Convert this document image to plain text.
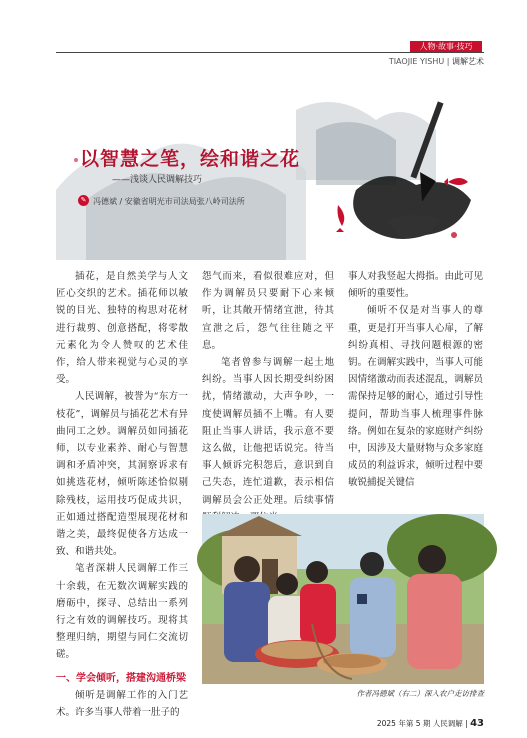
人物·故事·技巧
TIAOJIE YISHU | 调解艺术
以智慧之笔，绘和谐之花
——浅谈人民调解技巧
✎ 冯德斌 / 安徽省明光市司法局张八岭司法所

插花，是自然美学与人文匠心交织的艺术。插花师以敏锐的目光、独特的构思对花材进行裁剪、创意搭配，将零散元素化为令人赞叹的艺术佳作，给人带来视觉与心灵的享受。

人民调解，被誉为“东方一枝花”，调解员与插花艺术有异曲同工之妙。调解员如同插花师，以专业素养、耐心与智慧调和矛盾冲突，其洞察诉求有如挑选花材，倾听陈述恰似剔除残枝，运用技巧促成共识，正如通过搭配造型展现花材和谐之美，最终促使各方达成一致、和谐共处。

笔者深耕人民调解工作三十余载，在无数次调解实践的磨砺中，探寻、总结出一系列行之有效的调解技巧。现将其整理归纳，期望与同仁交流切磋。

一、学会倾听，搭建沟通桥梁

倾听是调解工作的入门艺术。许多当事人带着一肚子的

怨气而来，看似很难应对，但作为调解员只要耐下心来倾听，让其敞开情绪宣泄，待其宣泄之后，怨气往往随之平息。

笔者曾参与调解一起土地纠纷。当事人因长期受纠纷困扰，情绪激动，大声争吵，一度使调解员插不上嘴。有人要阻止当事人讲话，我示意不要这么做，让他把话说完。待当事人倾诉完积怨后，意识到自己失态，连忙道歉，表示相信调解员会公正处理。后续事情

事人对我竖起大拇指。由此可见倾听的重要性。

倾听不仅是对当事人的尊重，更是打开当事人心扉，了解纠纷真相、寻找问题根源的密钥。在调解实践中，当事人可能因情绪激动而表述混乱，调解员需保持足够的耐心，通过引导性提问，帮助当事人梳理事件脉络。例如在复杂的家庭财产纠纷中，因涉及大量财物与众多家庭成员的利益诉求，倾听过程中要敏锐捕捉关键信

作者冯德斌（右二）深入农户走访排查
2025 年第 5 期 人民调解 | 43
